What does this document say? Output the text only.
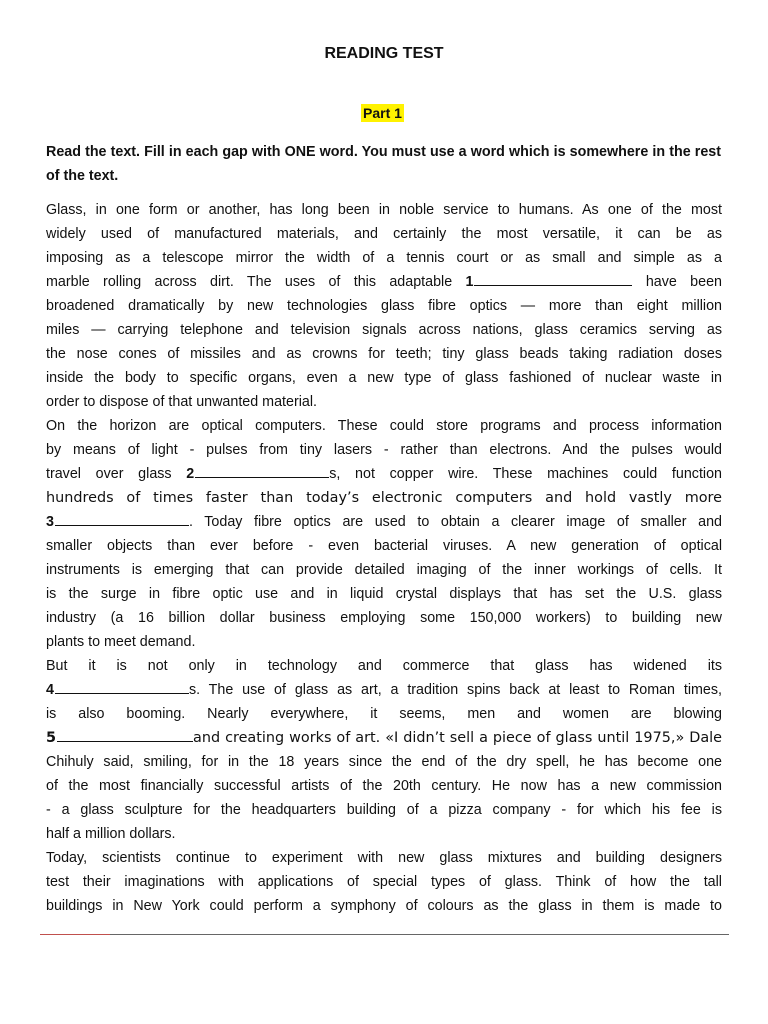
READING TEST
Part 1
Read the text. Fill in each gap with ONE word. You must use a word which is somewhere in the rest of the text.
Glass, in one form or another, has long been in noble service to humans. As one of the most
widely used of manufactured materials, and certainly the most versatile, it can be as
imposing as a telescope mirror the width of a tennis court or as small and simple as a
marble rolling across dirt. The uses of this adaptable 1	have been
broadened dramatically by new technologies glass fibre optics — more than eight million
miles — carrying telephone and television signals across nations, glass ceramics serving as
the nose cones of missiles and as crowns for teeth; tiny glass beads taking radiation doses
inside the body to specific organs, even a new type of glass fashioned of nuclear waste in
order to dispose of that unwanted material.
On the horizon are optical computers. These could store programs and process information
by means of light - pulses from tiny lasers - rather than electrons. And the pulses would
travel over glass 2	s, not copper wire. These machines could function
hundreds of times faster than today’s electronic computers and hold vastly more
3	. Today fibre optics are used to obtain a clearer image of smaller and
smaller objects than ever before - even bacterial viruses. A new generation of optical
instruments is emerging that can provide detailed imaging of the inner workings of cells. It
is the surge in fibre optic use and in liquid crystal displays that has set the U.S. glass
industry (a 16 billion dollar business employing some 150,000 workers) to building new
plants to meet demand.
But it is not only in technology and commerce that glass has widened its
4	s. The use of glass as art, a tradition spins back at least to Roman times,
is also booming. Nearly everywhere, it seems, men and women are blowing
5	and creating works of art. «I didn’t sell a piece of glass until 1975,» Dale
Chihuly said, smiling, for in the 18 years since the end of the dry spell, he has become one
of the most financially successful artists of the 20th century. He now has a new commission
- a glass sculpture for the headquarters building of a pizza company - for which his fee is
half a million dollars.
Today, scientists continue to experiment with new glass mixtures and building designers
test their imaginations with applications of special types of glass. Think of how the tall
buildings in New York could perform a symphony of colours as the glass in them is made to
